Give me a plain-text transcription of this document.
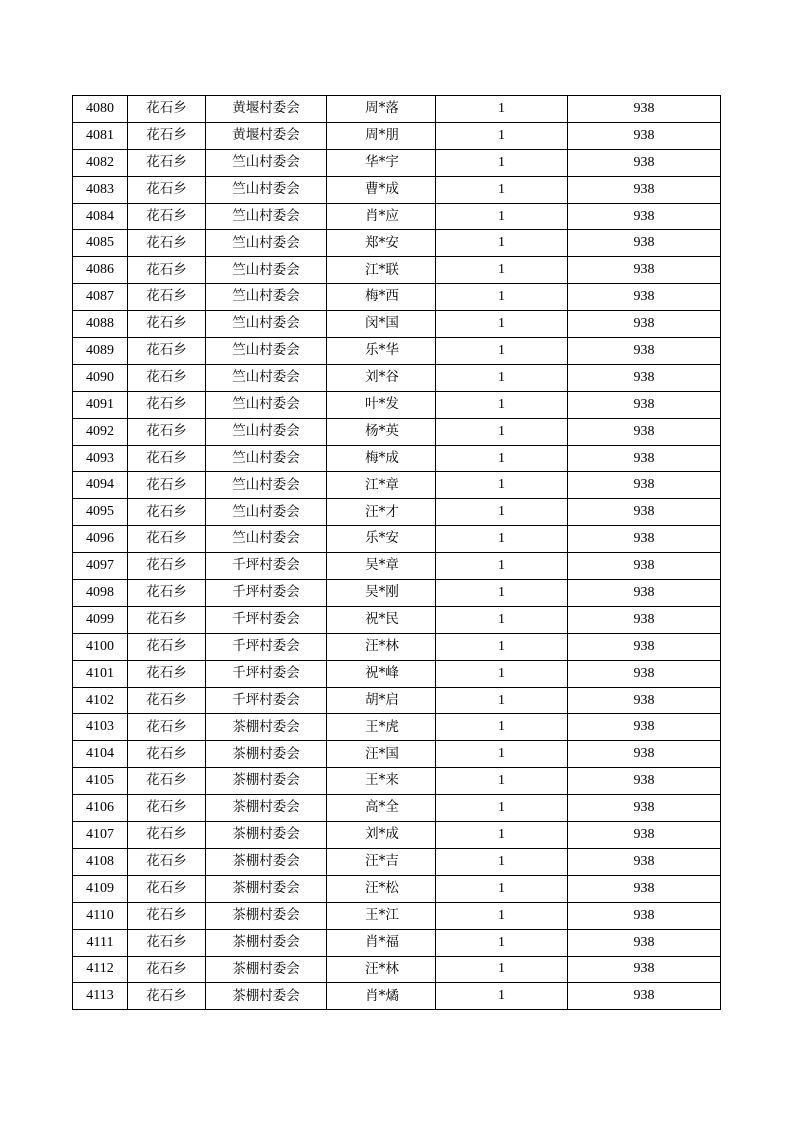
4080	花石乡	黄堰村委会	周*落	1	938
4081	花石乡	黄堰村委会	周*朋	1	938
4082	花石乡	竺山村委会	华*宇	1	938
4083	花石乡	竺山村委会	曹*成	1	938
4084	花石乡	竺山村委会	肖*应	1	938
4085	花石乡	竺山村委会	郑*安	1	938
4086	花石乡	竺山村委会	江*联	1	938
4087	花石乡	竺山村委会	梅*西	1	938
4088	花石乡	竺山村委会	闵*国	1	938
4089	花石乡	竺山村委会	乐*华	1	938
4090	花石乡	竺山村委会	刘*谷	1	938
4091	花石乡	竺山村委会	叶*发	1	938
4092	花石乡	竺山村委会	杨*英	1	938
4093	花石乡	竺山村委会	梅*成	1	938
4094	花石乡	竺山村委会	江*章	1	938
4095	花石乡	竺山村委会	汪*才	1	938
4096	花石乡	竺山村委会	乐*安	1	938
4097	花石乡	千坪村委会	吴*章	1	938
4098	花石乡	千坪村委会	吴*刚	1	938
4099	花石乡	千坪村委会	祝*民	1	938
4100	花石乡	千坪村委会	汪*林	1	938
4101	花石乡	千坪村委会	祝*峰	1	938
4102	花石乡	千坪村委会	胡*启	1	938
4103	花石乡	茶棚村委会	王*虎	1	938
4104	花石乡	茶棚村委会	汪*国	1	938
4105	花石乡	茶棚村委会	王*来	1	938
4106	花石乡	茶棚村委会	高*全	1	938
4107	花石乡	茶棚村委会	刘*成	1	938
4108	花石乡	茶棚村委会	汪*吉	1	938
4109	花石乡	茶棚村委会	汪*松	1	938
4110	花石乡	茶棚村委会	王*江	1	938
4111	花石乡	茶棚村委会	肖*福	1	938
4112	花石乡	茶棚村委会	汪*林	1	938
4113	花石乡	茶棚村委会	肖*燏	1	938
